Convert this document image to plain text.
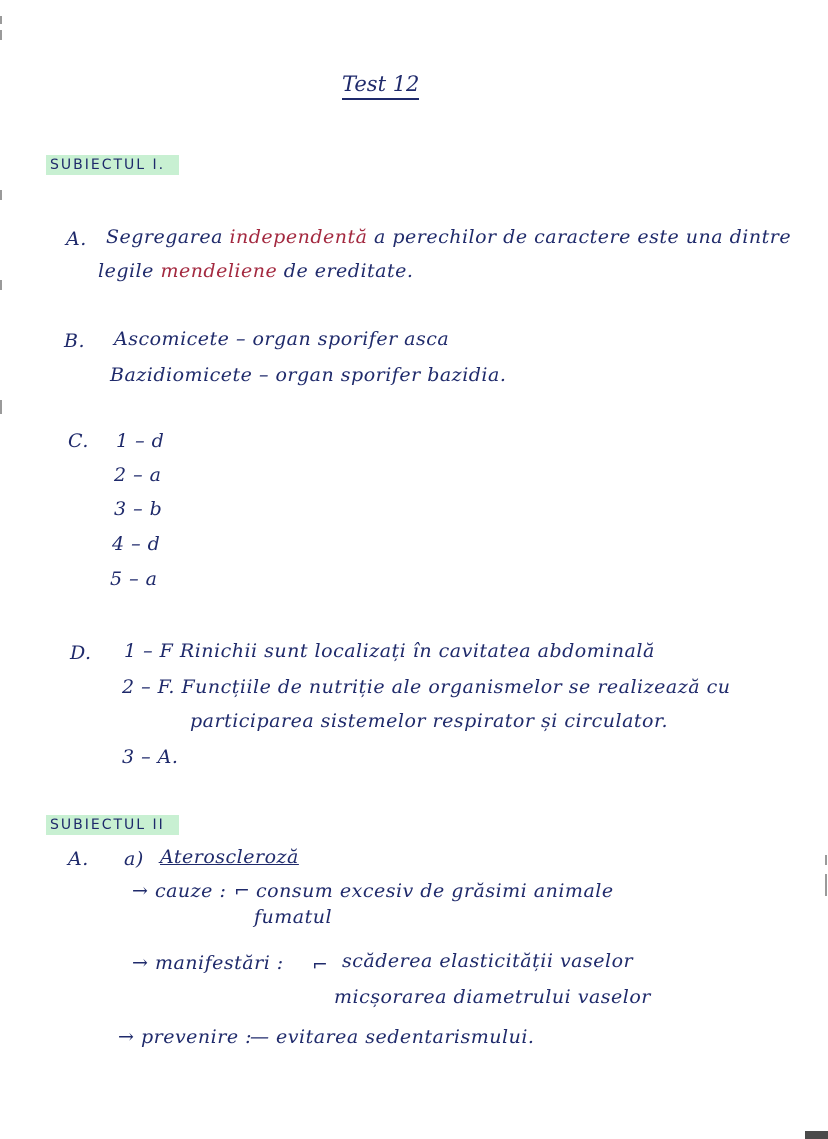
Test 12
SUBIECTUL I.
A. Segregarea independentă a perechilor de caractere este una dintre
legile mendeliene de ereditate.
B. Ascomicete – organ sporifer asca
Bazidiomicete – organ sporifer bazidia.
C. 1 – d
2 – a
3 – b
4 – d
5 – a
D. 1 – F Rinichii sunt localizați în cavitatea abdominală
2 – F. Funcțiile de nutriție ale organismelor se realizează cu
participarea sistemelor respirator și circulator.
3 – A.
SUBIECTUL II
A. a) Ateroscleroză
→ cauze : ⌐ consum excesiv de grăsimi animale
fumatul
→ manifestări : ⌐ scăderea elasticității vaselor
micșorarea diametrului vaselor
→ prevenire :
— evitarea sedentarismului.
